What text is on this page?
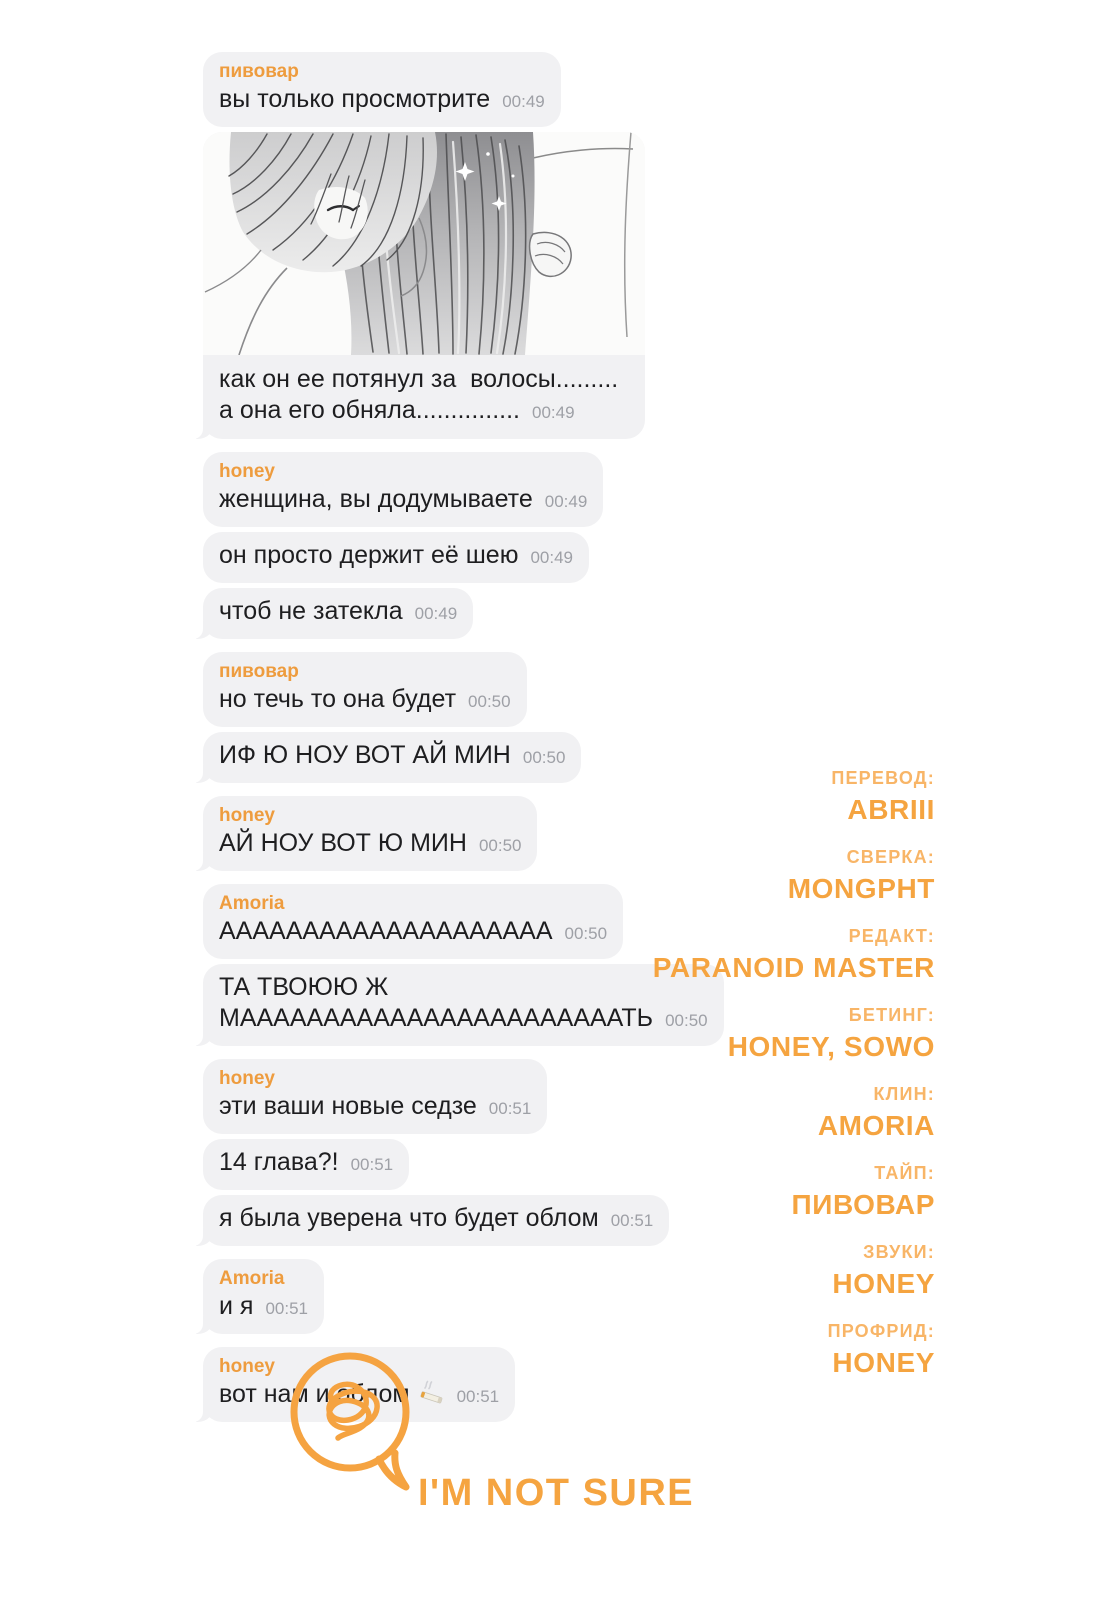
пивовар
вы только просмотрите 00:49
как он ее потянул за  волосы.........
а она его обняла............... 00:49
honey
женщина, вы додумываете 00:49
он просто держит её шею 00:49
чтоб не затекла 00:49
пивовар
но течь то она будет 00:50
ИФ Ю НОУ ВОТ АЙ МИН 00:50
honey
АЙ НОУ ВОТ Ю МИН 00:50
Amoria
АААААААААААААААААААА 00:50
ТА ТВОЮЮ Ж
МАААААААААААААААААААААААТЬ 00:50
honey
эти ваши новые седзе 00:51
14 глава?! 00:51
я была уверена что будет облом 00:51
Amoria
и я 00:51
honey
вот нам и облом	00:51
ПЕРЕВОД:
ABRIII
СВЕРКА:
MONGPHT
РЕДАКТ:
PARANOID MASTER
БЕТИНГ:
HONEY, SOWO
КЛИН:
AMORIA
ТАЙП:
ПИВОВАР
ЗВУКИ:
HONEY
ПРОФРИД:
HONEY
I'M NOT SURE
